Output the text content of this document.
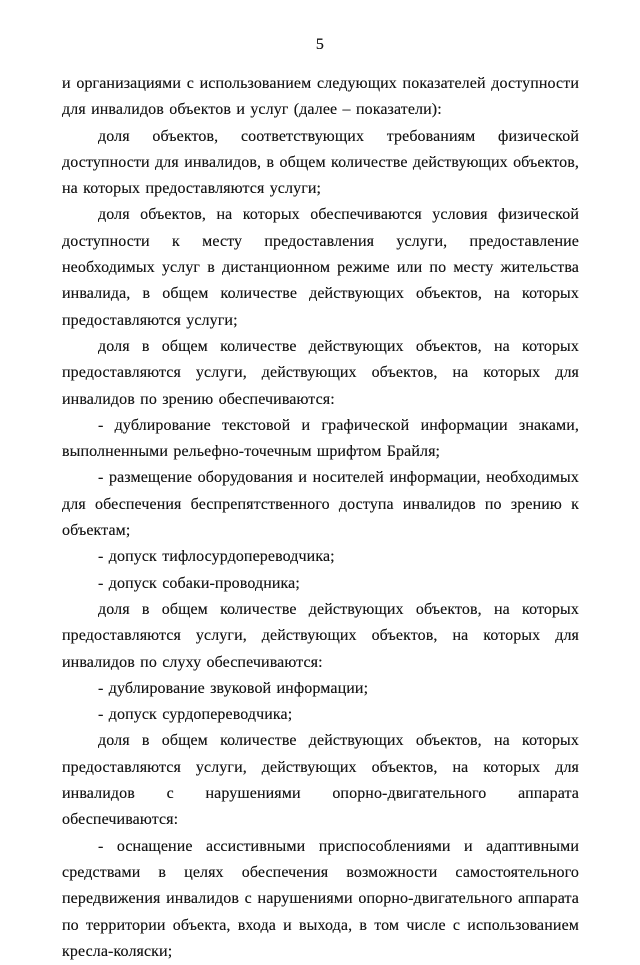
5

и организациями с использованием следующих показателей доступности для инвалидов объектов и услуг (далее – показатели):

доля объектов, соответствующих требованиям физической доступности для инвалидов, в общем количестве действующих объектов, на которых предоставляются услуги;

доля объектов, на которых обеспечиваются условия физической доступности к месту предоставления услуги, предоставление необходимых услуг в дистанционном режиме или по месту жительства инвалида, в общем количестве действующих объектов, на которых предоставляются услуги;

доля в общем количестве действующих объектов, на которых предоставляются услуги, действующих объектов, на которых для инвалидов по зрению обеспечиваются:

- дублирование текстовой и графической информации знаками, выполненными рельефно-точечным шрифтом Брайля;

- размещение оборудования и носителей информации, необходимых для обеспечения беспрепятственного доступа инвалидов по зрению к объектам;

- допуск тифлосурдопереводчика;

- допуск собаки-проводника;

доля в общем количестве действующих объектов, на которых предоставляются услуги, действующих объектов, на которых для инвалидов по слуху обеспечиваются:

- дублирование звуковой информации;

- допуск сурдопереводчика;

доля в общем количестве действующих объектов, на которых предоставляются услуги, действующих объектов, на которых для инвалидов с нарушениями опорно-двигательного аппарата обеспечиваются:

- оснащение ассистивными приспособлениями и адаптивными средствами в целях обеспечения возможности самостоятельного передвижения инвалидов с нарушениями опорно-двигательного аппарата по территории объекта, входа и выхода, в том числе с использованием кресла-коляски;
